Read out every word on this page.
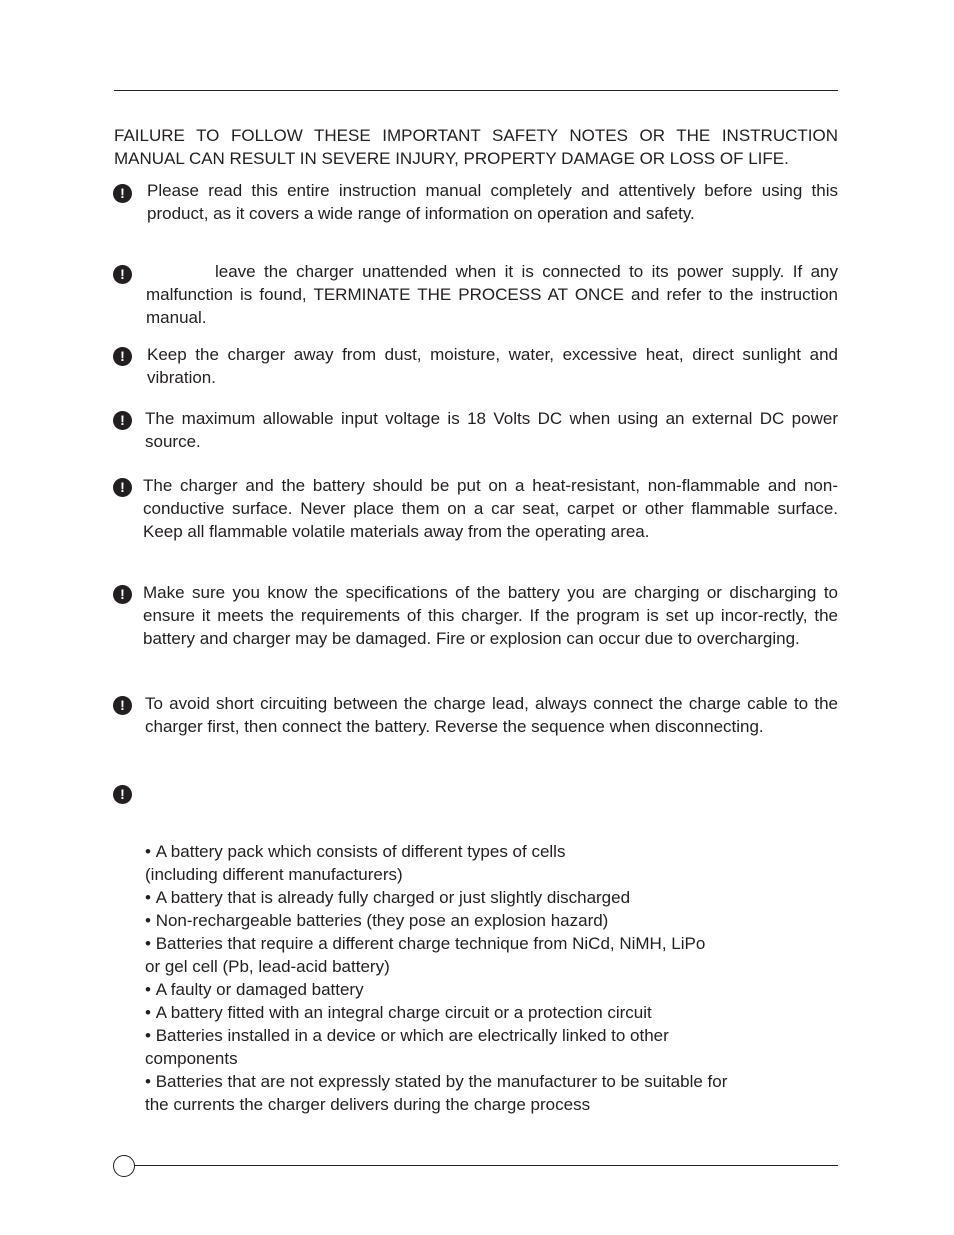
FAILURE TO FOLLOW THESE IMPORTANT SAFETY NOTES OR THE INSTRUCTION MANUAL CAN RESULT IN SEVERE INJURY, PROPERTY DAMAGE OR LOSS OF LIFE.
!	Please read this entire instruction manual completely and attentively before using this product, as it covers a wide range of information on operation and safety.
!	leave the charger unattended when it is connected to its power supply. If any malfunction is found, TERMINATE THE PROCESS AT ONCE and refer to the instruction manual.
!	Keep the charger away from dust, moisture, water, excessive heat, direct sunlight and vibration.
!	The maximum allowable input voltage is 18 Volts DC when using an external DC power source.
!	The charger and the battery should be put on a heat-resistant, non-flammable and non-conductive surface. Never place them on a car seat, carpet or other flammable surface. Keep all flammable volatile materials away from the operating area.
!	Make sure you know the specifications of the battery you are charging or discharging to ensure it meets the requirements of this charger. If the program is set up incor-rectly, the battery and charger may be damaged. Fire or explosion can occur due to overcharging.
!	To avoid short circuiting between the charge lead, always connect the charge cable to the charger first, then connect the battery. Reverse the sequence when disconnecting.
!
• A battery pack which consists of different types of cells
(including different manufacturers)
• A battery that is already fully charged or just slightly discharged
• Non-rechargeable batteries (they pose an explosion hazard)
• Batteries that require a different charge technique from NiCd, NiMH, LiPo
or gel cell (Pb, lead-acid battery)
• A faulty or damaged battery
• A battery fitted with an integral charge circuit or a protection circuit
• Batteries installed in a device or which are electrically linked to other
components
• Batteries that are not expressly stated by the manufacturer to be suitable for
the currents the charger delivers during the charge process
